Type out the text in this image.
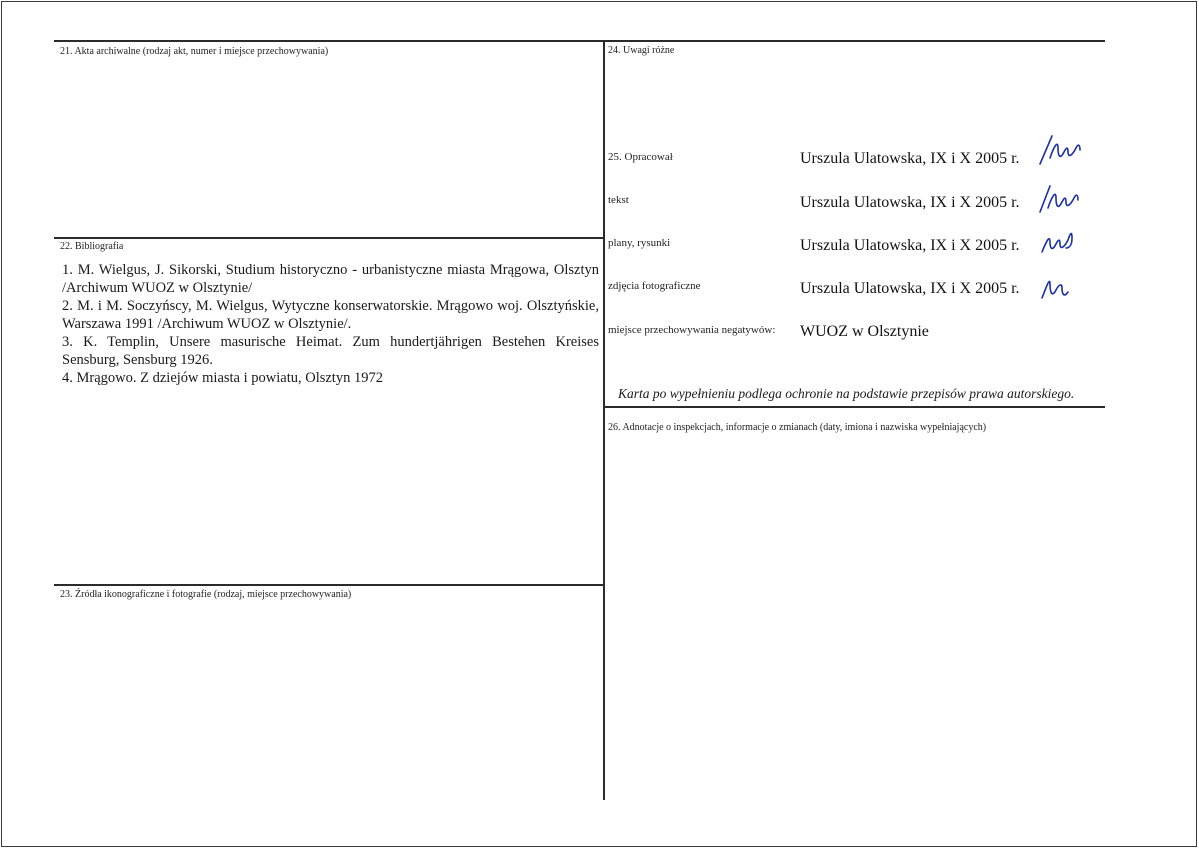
21. Akta archiwalne (rodzaj akt, numer i miejsce przechowywania)
22. Bibliografia

1. M. Wielgus, J. Sikorski, Studium historyczno - urbanistyczne miasta Mrągowa, Olsztyn /Archiwum WUOZ w Olsztynie/

2. M. i M. Soczyńscy, M. Wielgus, Wytyczne konserwatorskie. Mrągowo woj. Olsztyńskie, Warszawa 1991 /Archiwum WUOZ w Olsztynie/.

3. K. Templin, Unsere masurische Heimat. Zum hundertjährigen Bestehen Kreises Sensburg, Sensburg 1926.

4. Mrągowo. Z dziejów miasta i powiatu, Olsztyn 1972

23. Źródła ikonograficzne i fotografie (rodzaj, miejsce przechowywania)
24. Uwagi różne
25. Opracował	Urszula Ulatowska, IX i X 2005 r.
tekst	Urszula Ulatowska, IX i X 2005 r.
plany, rysunki	Urszula Ulatowska, IX i X 2005 r.
zdjęcia fotograficzne	Urszula Ulatowska, IX i X 2005 r.
miejsce przechowywania negatywów: WUOZ w Olsztynie
Karta po wypełnieniu podlega ochronie na podstawie przepisów prawa autorskiego.
26. Adnotacje o inspekcjach, informacje o zmianach (daty, imiona i nazwiska wypełniających)
